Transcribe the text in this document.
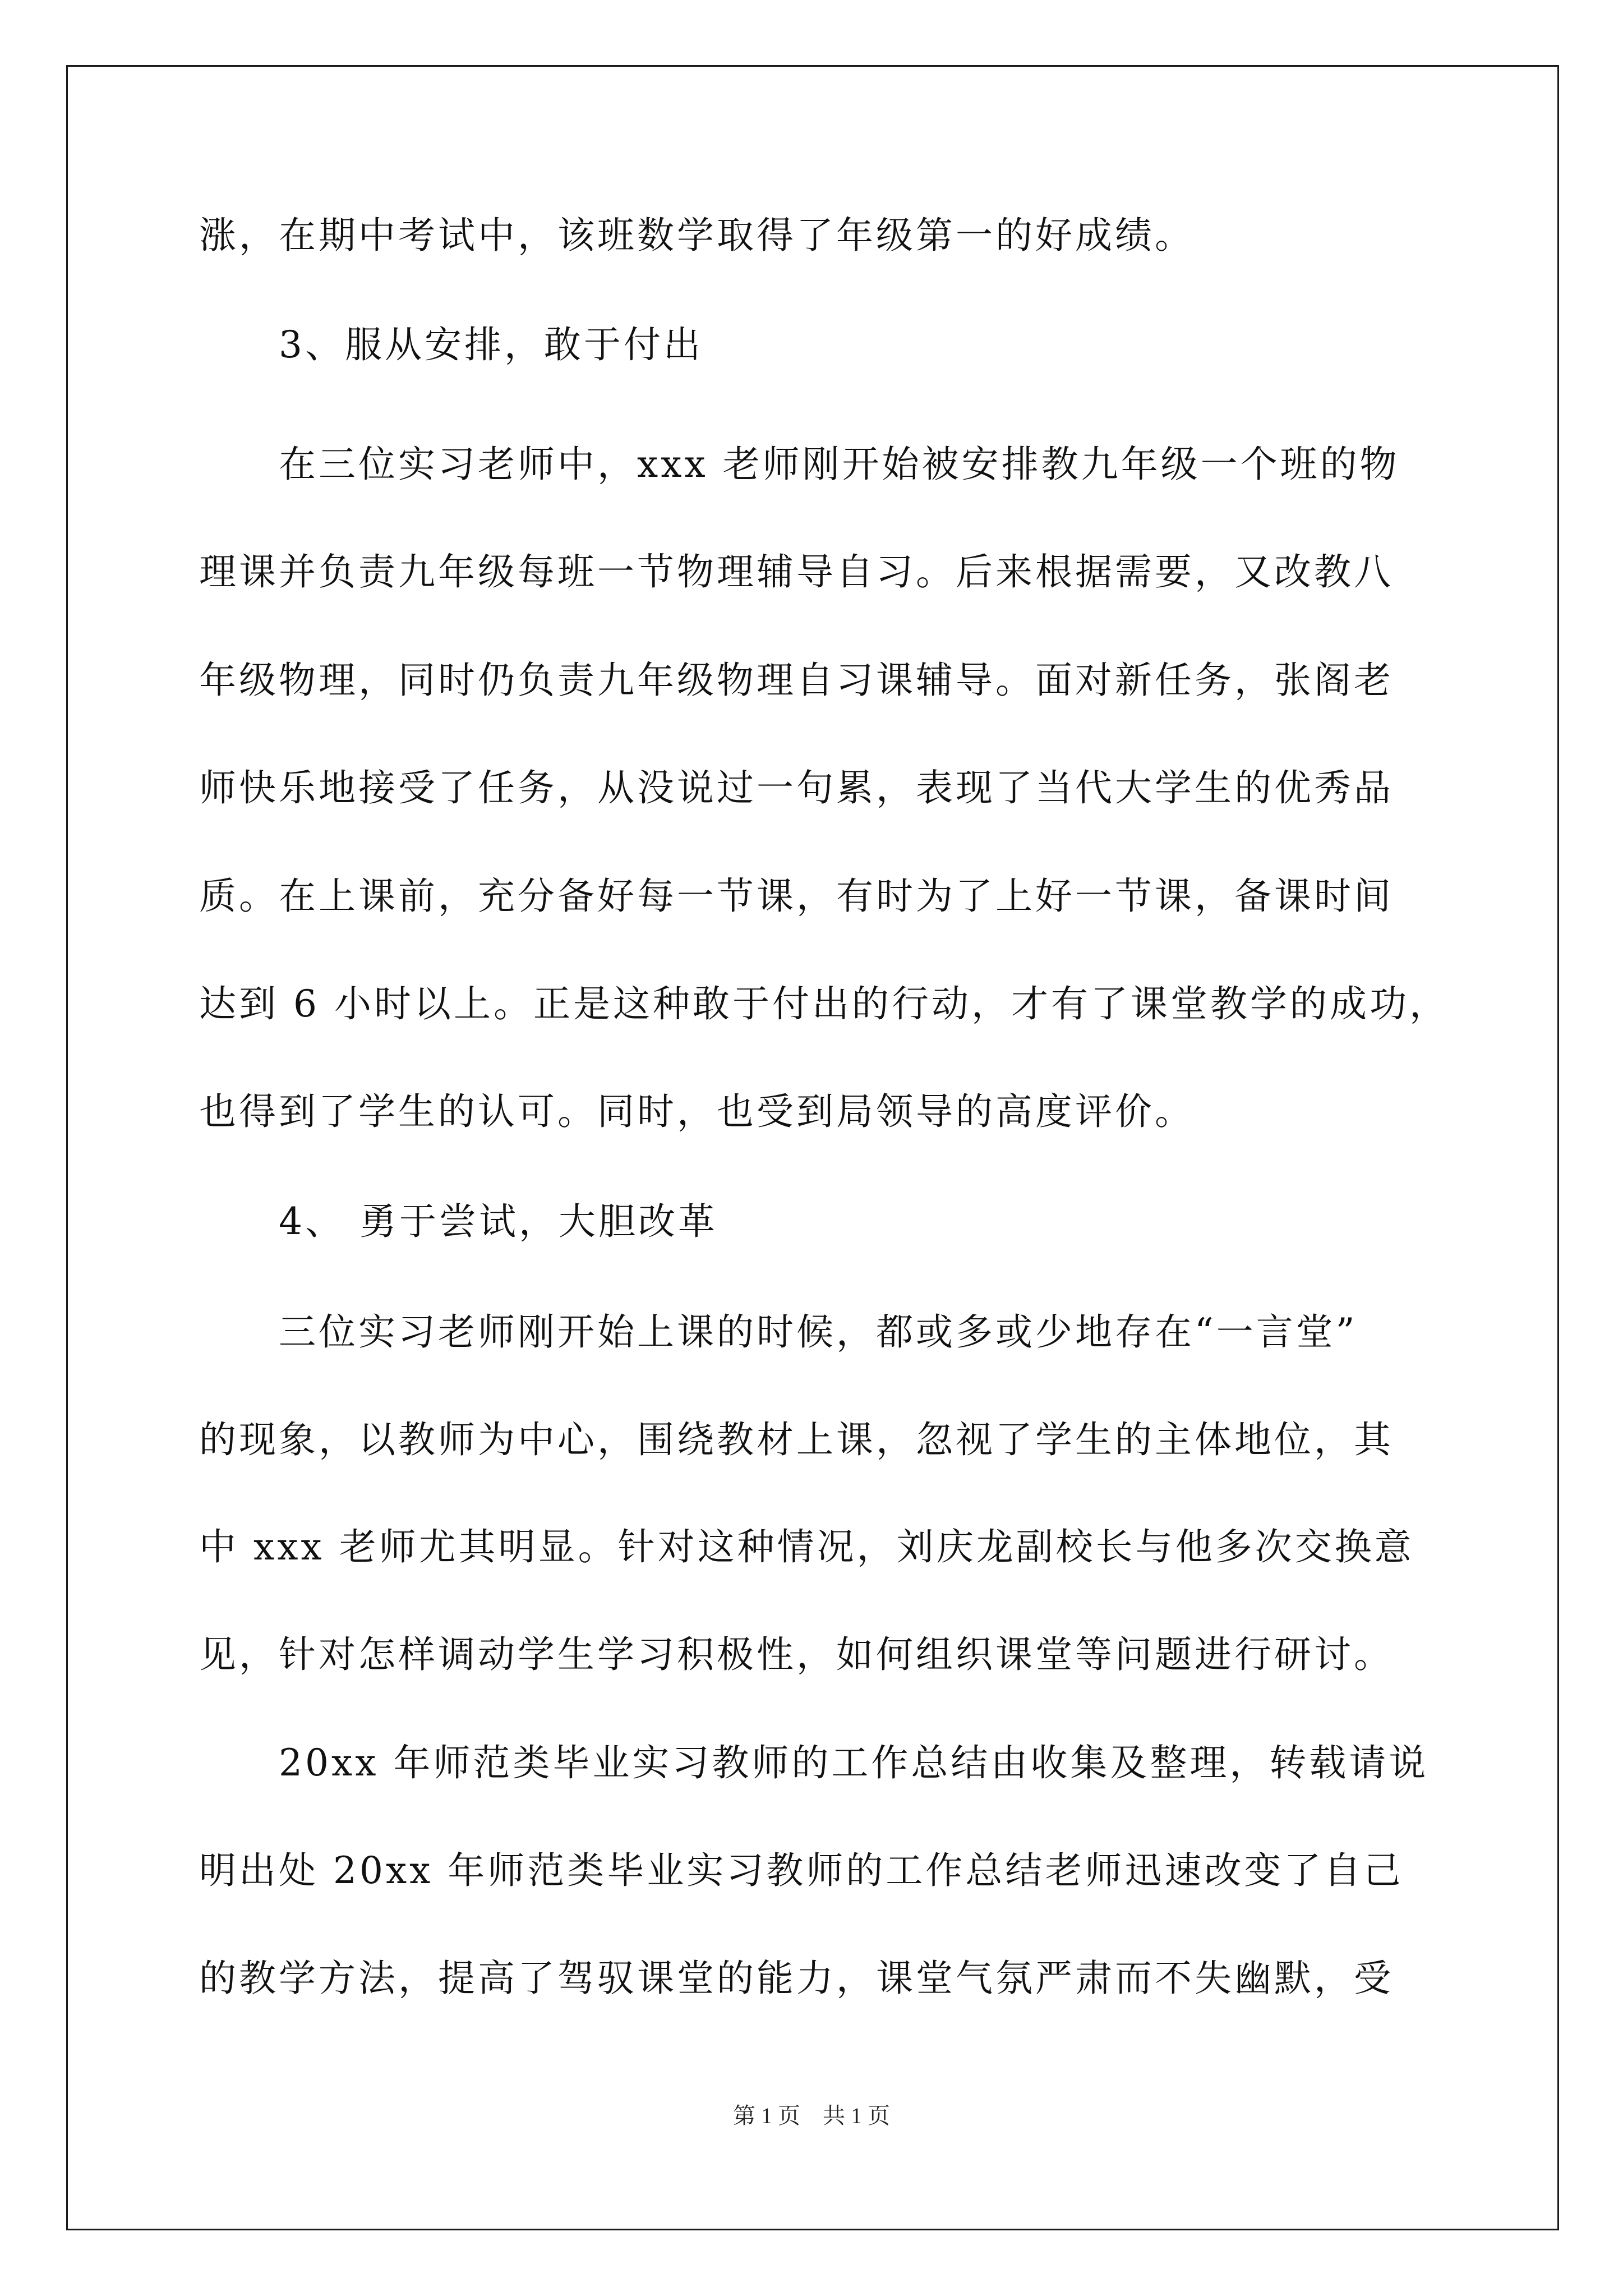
涨，在期中考试中，该班数学取得了年级第一的好成绩。
3、服从安排，敢于付出
在三位实习老师中，xxx 老师刚开始被安排教九年级一个班的物
理课并负责九年级每班一节物理辅导自习。后来根据需要，又改教八
年级物理，同时仍负责九年级物理自习课辅导。面对新任务，张阁老
师快乐地接受了任务，从没说过一句累，表现了当代大学生的优秀品
质。在上课前，充分备好每一节课，有时为了上好一节课，备课时间
达到 6 小时以上。正是这种敢于付出的行动，才有了课堂教学的成功，
也得到了学生的认可。同时，也受到局领导的高度评价。
4、 勇于尝试，大胆改革
三位实习老师刚开始上课的时候，都或多或少地存在“一言堂”
的现象，以教师为中心，围绕教材上课，忽视了学生的主体地位，其
中 xxx 老师尤其明显。针对这种情况，刘庆龙副校长与他多次交换意
见，针对怎样调动学生学习积极性，如何组织课堂等问题进行研讨。
20xx 年师范类毕业实习教师的工作总结由收集及整理，转载请说
明出处 20xx 年师范类毕业实习教师的工作总结老师迅速改变了自己
的教学方法，提高了驾驭课堂的能力，课堂气氛严肃而不失幽默，受
第 1 页　共 1 页
